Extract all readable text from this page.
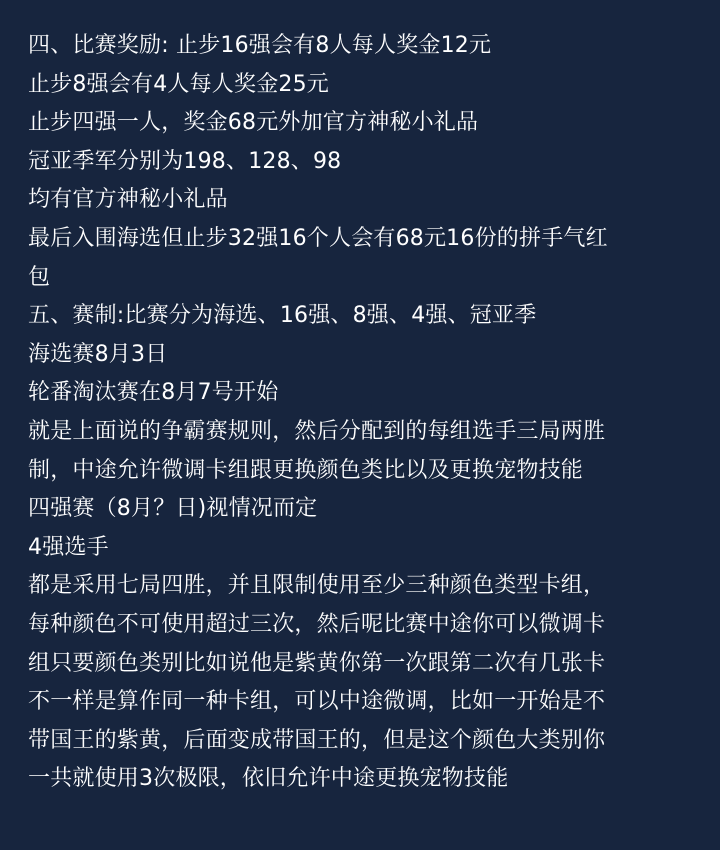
四、比赛奖励: 止步16强会有8人每人奖金12元
止步8强会有4人每人奖金25元
止步四强一人，奖金68元外加官方神秘小礼品
冠亚季军分别为198、128、98
均有官方神秘小礼品
最后入围海选但止步32强16个人会有68元16份的拼手气红
包
五、赛制:比赛分为海选、16强、8强、4强、冠亚季
海选赛8月3日
轮番淘汰赛在8月7号开始
就是上面说的争霸赛规则，然后分配到的每组选手三局两胜
制，中途允许微调卡组跟更换颜色类比以及更换宠物技能
四强赛（8月？日)视情况而定
4强选手
都是采用七局四胜，并且限制使用至少三种颜色类型卡组，
每种颜色不可使用超过三次，然后呢比赛中途你可以微调卡
组只要颜色类别比如说他是紫黄你第一次跟第二次有几张卡
不一样是算作同一种卡组，可以中途微调，比如一开始是不
带国王的紫黄，后面变成带国王的，但是这个颜色大类别你
一共就使用3次极限，依旧允许中途更换宠物技能
